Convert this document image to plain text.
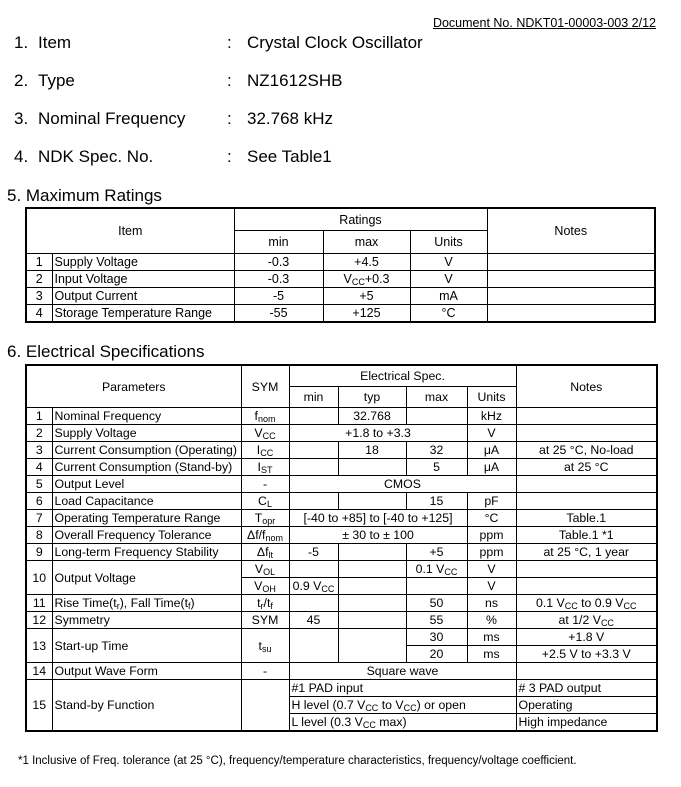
Document No. NDKT01-00003-003 2/12
1. Item	: Crystal Clock Oscillator
2. Type	: NZ1612SHB
3. Nominal Frequency : 32.768 kHz
4. NDK Spec. No.	: See Table1
5. Maximum Ratings
Item		Ratings			Notes
		min	max	Units	
1	Supply Voltage	-0.3	+4.5	V	
2	Input Voltage	-0.3	$V_{CC}+0.3$	V	
3	Output Current	-5	+5	mA	
4	Storage Temperature Range	-55	+125	°C	
6. Electrical Specifications
Parameters		SYM	Electrical Spec.				Notes
			min	typ	max	Units	
1	Nominal Frequency	$f_{nom}$		32.768		kHz	
2	Supply Voltage	$V_{CC}$	+1.8 to +3.3			V	
3	Current Consumption (Operating)	$I_{CC}$		18	32	μA	at 25 °C, No-load
4	Current Consumption (Stand-by)	$I_{ST}$			5	μA	at 25 °C
5	Output Level	-	CMOS				
6	Load Capacitance	$C_L$			15	pF	
7	Operating Temperature Range	$T_{opr}$	[-40 to +85] to [-40 to +125]			°C	Table.1
8	Overall Frequency Tolerance	$\Delta f/f_{nom}$	± 30 to ± 100			ppm	Table.1 *1
9	Long-term Frequency Stability	$\Delta f_{lt}$	-5		+5	ppm	at 25 °C, 1 year
10	Output Voltage	$V_{OL}$			0.1 $V_{CC}$	V	
		$V_{OH}$	0.9 $V_{CC}$			V	
11	Rise $Time(t_r)$, Fall $Time(t_f)$	$t_r/t_f$			50	ns	0.1 $V_{CC}$ to 0.9 $V_{CC}$
12	Symmetry	SYM	45		55	%	at 1/2 $V_{CC}$
13	Start-up Time	$t_{su}$			30	ms	+1.8 V
					20	ms	+2.5 V to +3.3 V
14	Output Wave Form	-	Square wave				
15	Stand-by Function		#1 PAD input				# 3 PAD output
			H level (0.7 $V_{CC}$ to $V_{CC}$) or open				Operating
			L level (0.3 $V_{CC}$ max)				High impedance
*1 Inclusive of Freq. tolerance (at 25 °C), frequency/temperature characteristics, frequency/voltage coefficient.
